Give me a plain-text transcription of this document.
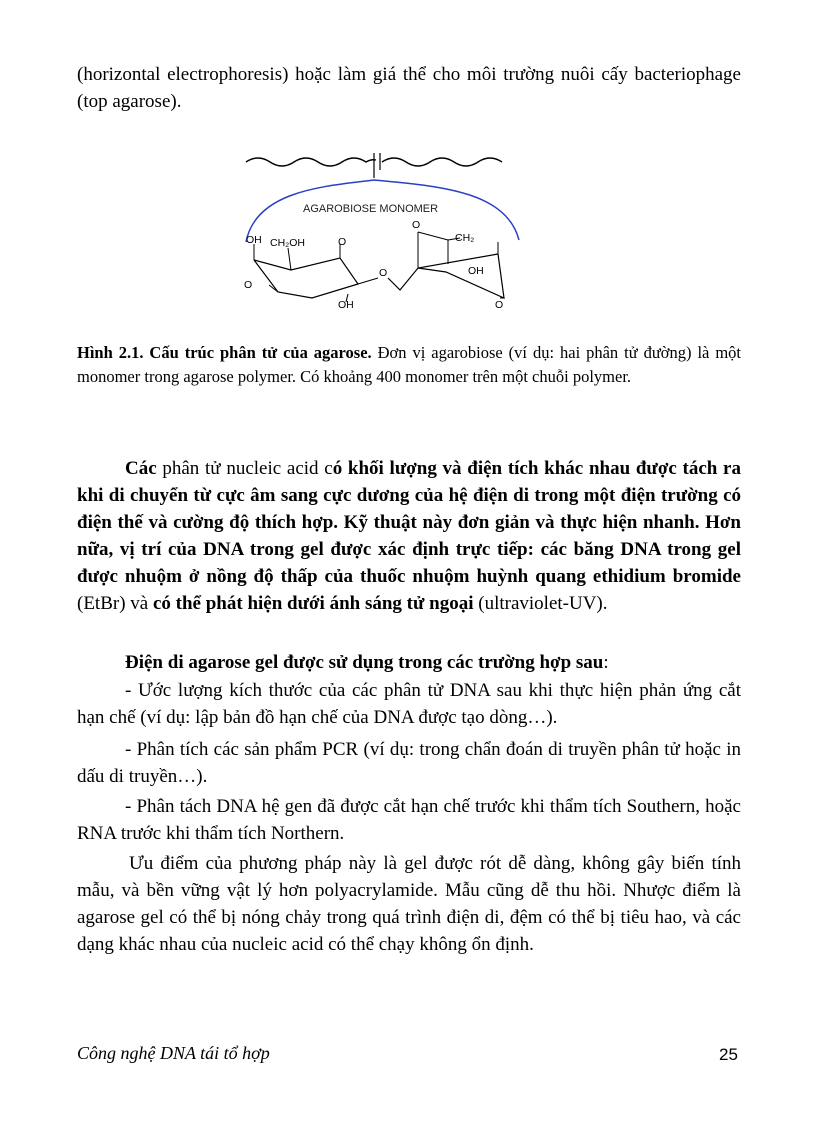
(horizontal electrophoresis) hoặc làm giá thể cho môi trường nuôi cấy bacteriophage (top agarose).

AGAROBIOSE MONOMER
OH CH₂OH	O
O
OH
O
O
CH₂
OH
O

Hình 2.1. Cấu trúc phân tử của agarose. Đơn vị agarobiose (ví dụ: hai phân tử đường) là một monomer trong agarose polymer. Có khoảng 400 monomer trên một chuỗi polymer.

Các phân tử nucleic acid có khối lượng và điện tích khác nhau được tách ra khi di chuyển từ cực âm sang cực dương của hệ điện di trong một điện trường có điện thế và cường độ thích hợp. Kỹ thuật này đơn giản và thực hiện nhanh. Hơn nữa, vị trí của DNA trong gel được xác định trực tiếp: các băng DNA trong gel được nhuộm ở nồng độ thấp của thuốc nhuộm huỳnh quang ethidium bromide (EtBr) và có thể phát hiện dưới ánh sáng tử ngoại (ultraviolet-UV).

Điện di agarose gel được sử dụng trong các trường hợp sau:

- Ước lượng kích thước của các phân tử DNA sau khi thực hiện phản ứng cắt hạn chế (ví dụ: lập bản đồ hạn chế của DNA được tạo dòng…).

- Phân tích các sản phẩm PCR (ví dụ: trong chẩn đoán di truyền phân tử hoặc in dấu di truyền…).

- Phân tách DNA hệ gen đã được cắt hạn chế trước khi thẩm tích Southern, hoặc RNA trước khi thẩm tích Northern.

Ưu điểm của phương pháp này là gel được rót dễ dàng, không gây biến tính mẫu, và bền vững vật lý hơn polyacrylamide. Mẫu cũng dễ thu hồi. Nhược điểm là agarose gel có thể bị nóng chảy trong quá trình điện di, đệm có thể bị tiêu hao, và các dạng khác nhau của nucleic acid có thể chạy không ổn định.

Công nghệ DNA tái tổ hợp	25
